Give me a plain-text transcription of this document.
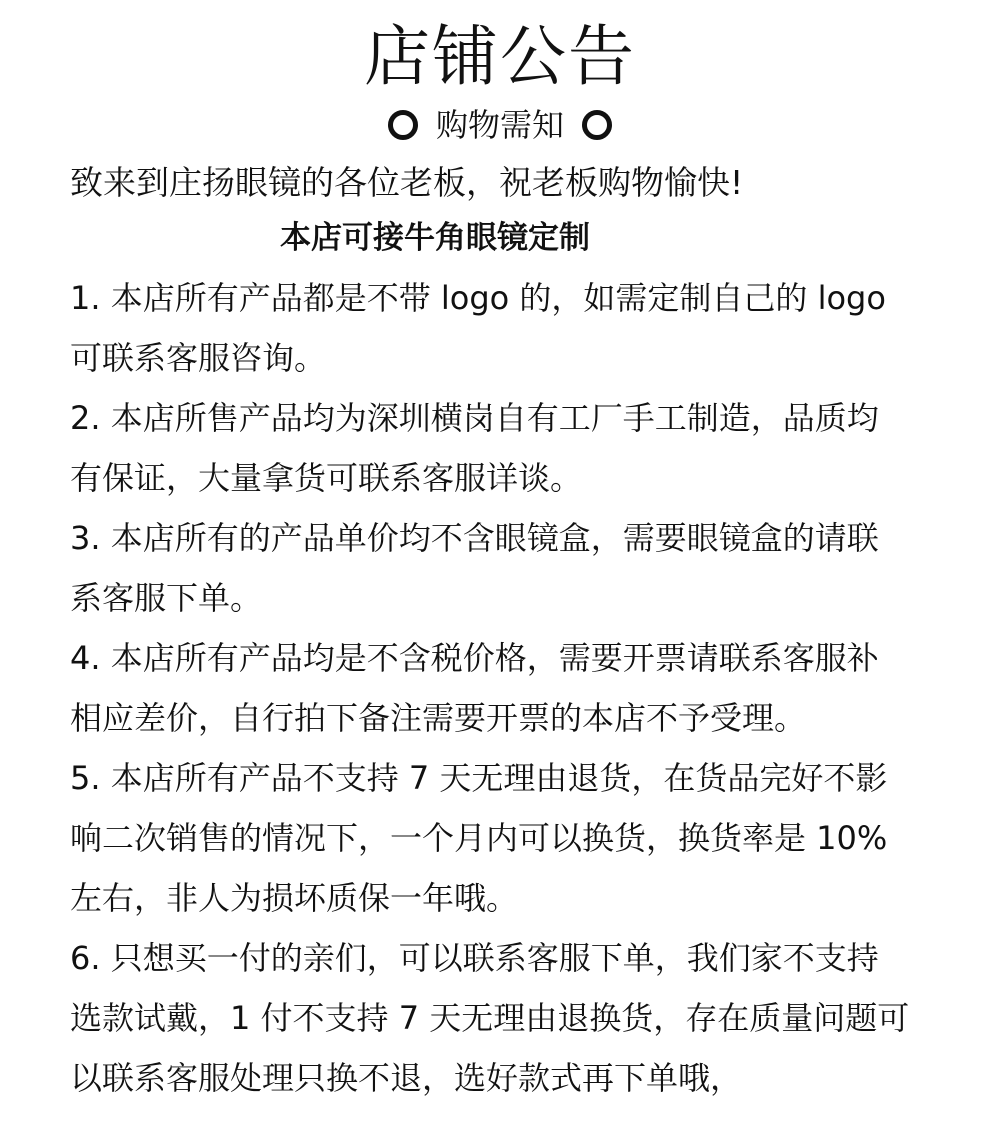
店铺公告
购物需知
致来到庄扬眼镜的各位老板，祝老板购物愉快!
本店可接牛角眼镜定制
1. 本店所有产品都是不带 logo 的，如需定制自己的 logo
可联系客服咨询。
2. 本店所售产品均为深圳横岗自有工厂手工制造，品质均
有保证，大量拿货可联系客服详谈。
3. 本店所有的产品单价均不含眼镜盒，需要眼镜盒的请联
系客服下单。
4. 本店所有产品均是不含税价格，需要开票请联系客服补
相应差价，自行拍下备注需要开票的本店不予受理。
5. 本店所有产品不支持 7 天无理由退货，在货品完好不影
响二次销售的情况下，一个月内可以换货，换货率是 10%
左右，非人为损坏质保一年哦。
6. 只想买一付的亲们，可以联系客服下单，我们家不支持
选款试戴，1 付不支持 7 天无理由退换货，存在质量问题可
以联系客服处理只换不退，选好款式再下单哦，
